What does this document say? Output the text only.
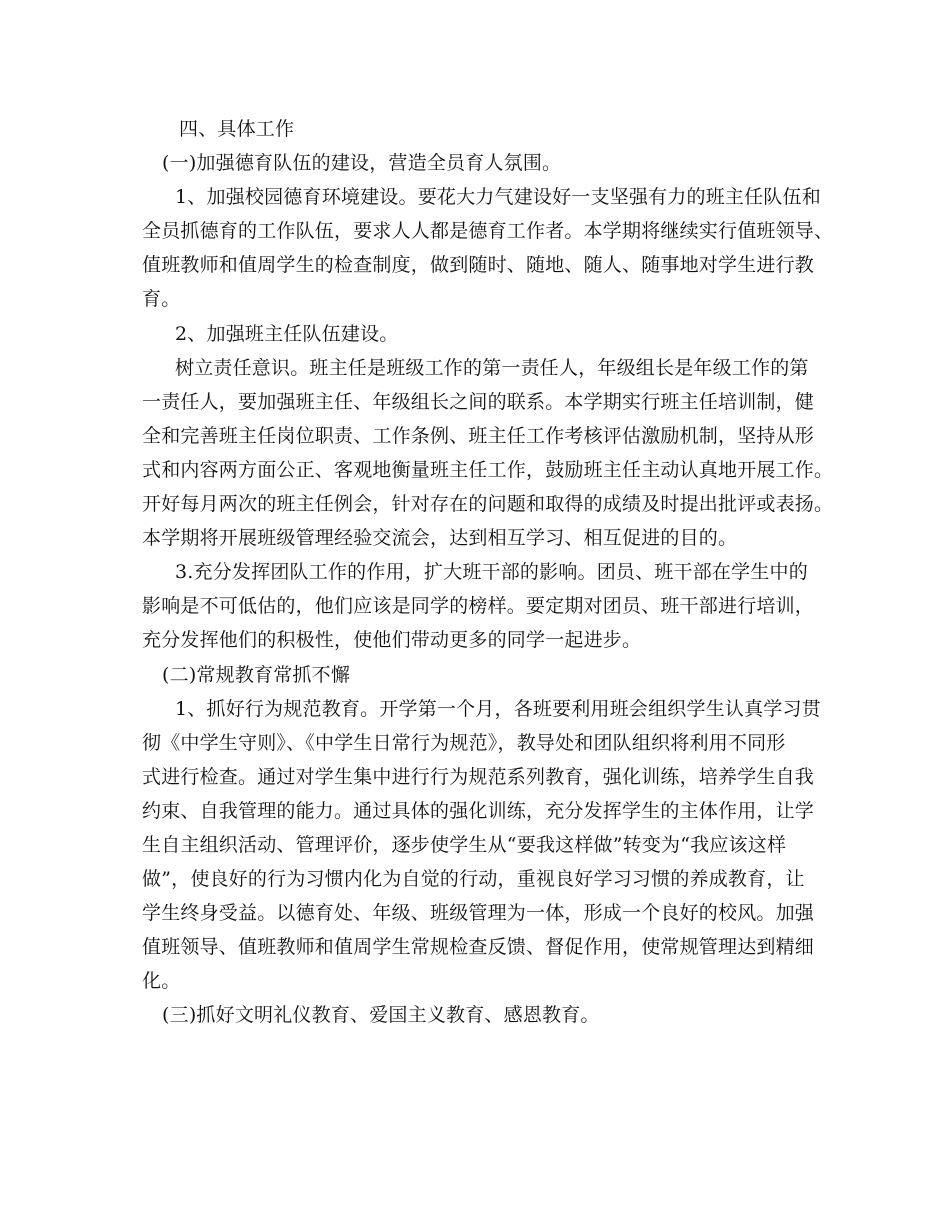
四、具体工作
(一)加强德育队伍的建设，营造全员育人氛围。
1、加强校园德育环境建设。要花大力气建设好一支坚强有力的班主任队伍和
全员抓德育的工作队伍，要求人人都是德育工作者。本学期将继续实行值班领导、
值班教师和值周学生的检查制度，做到随时、随地、随人、随事地对学生进行教
育。
2、加强班主任队伍建设。
树立责任意识。班主任是班级工作的第一责任人，年级组长是年级工作的第
一责任人，要加强班主任、年级组长之间的联系。本学期实行班主任培训制，健
全和完善班主任岗位职责、工作条例、班主任工作考核评估激励机制，坚持从形
式和内容两方面公正、客观地衡量班主任工作，鼓励班主任主动认真地开展工作。
开好每月两次的班主任例会，针对存在的问题和取得的成绩及时提出批评或表扬。
本学期将开展班级管理经验交流会，达到相互学习、相互促进的目的。
3.充分发挥团队工作的作用，扩大班干部的影响。团员、班干部在学生中的
影响是不可低估的，他们应该是同学的榜样。要定期对团员、班干部进行培训，
充分发挥他们的积极性，使他们带动更多的同学一起进步。
(二)常规教育常抓不懈
1、抓好行为规范教育。开学第一个月，各班要利用班会组织学生认真学习贯
彻《中学生守则》、《中学生日常行为规范》，教导处和团队组织将利用不同形
式进行检查。通过对学生集中进行行为规范系列教育，强化训练，培养学生自我
约束、自我管理的能力。通过具体的强化训练，充分发挥学生的主体作用，让学
生自主组织活动、管理评价，逐步使学生从“要我这样做”转变为“我应该这样
做”，使良好的行为习惯内化为自觉的行动，重视良好学习习惯的养成教育，让
学生终身受益。以德育处、年级、班级管理为一体，形成一个良好的校风。加强
值班领导、值班教师和值周学生常规检查反馈、督促作用，使常规管理达到精细
化。
(三)抓好文明礼仪教育、爱国主义教育、感恩教育。
